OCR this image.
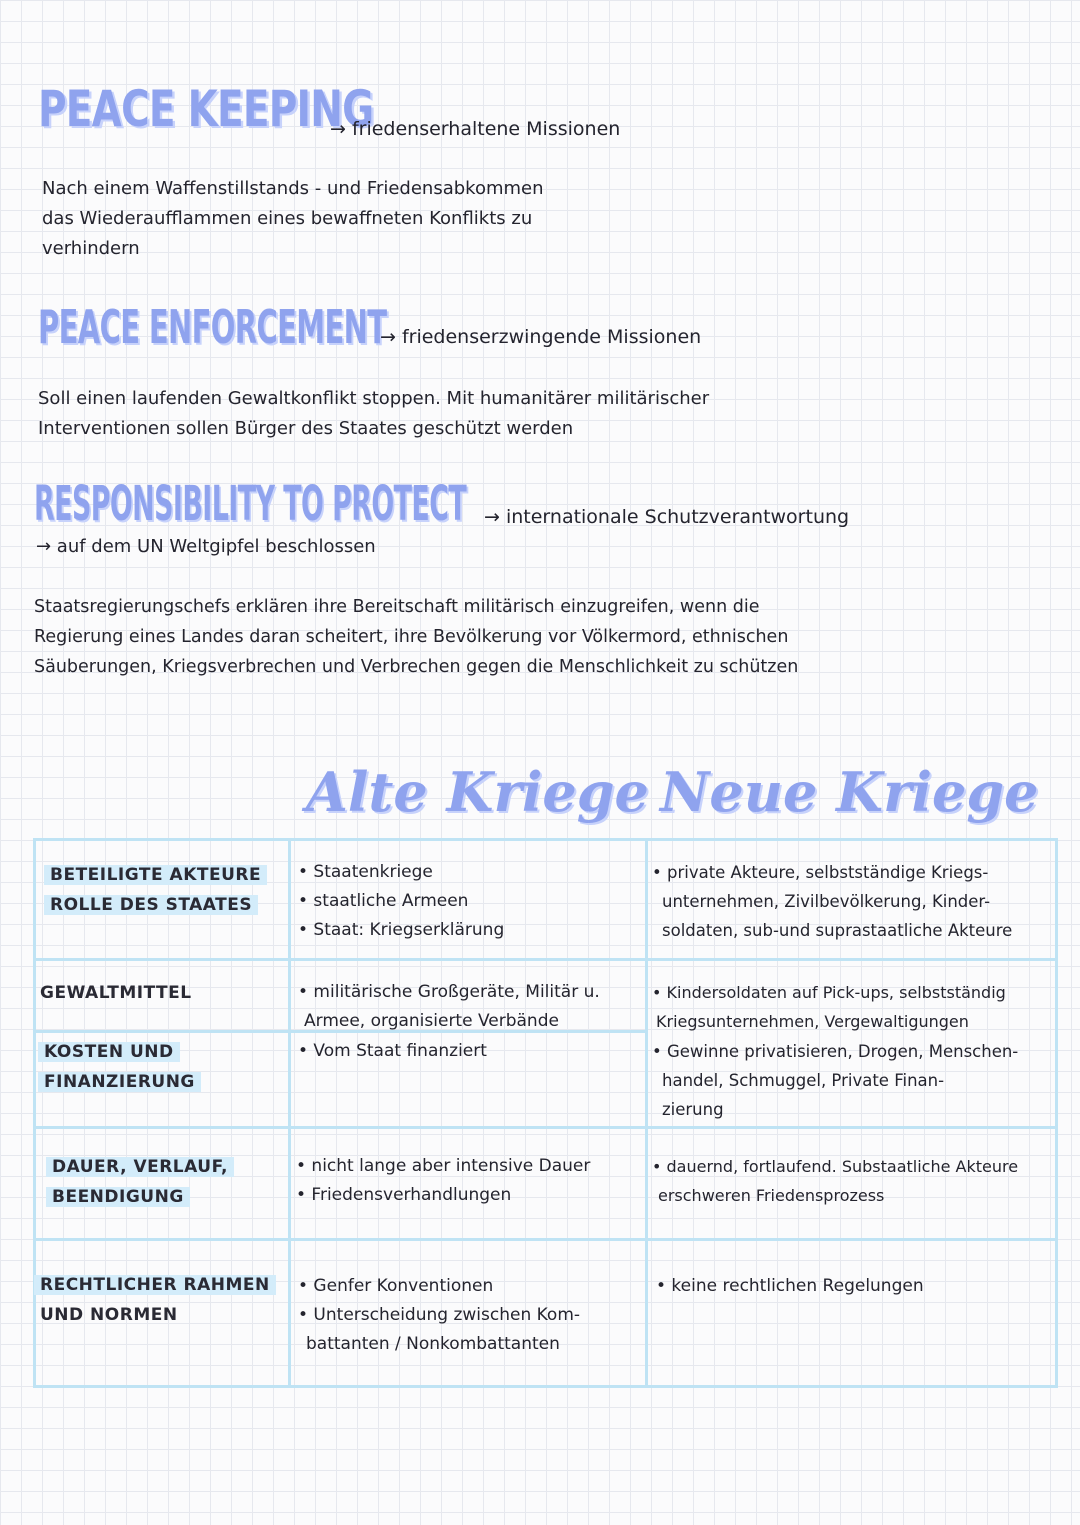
PEACE KEEPING
→ friedenserhaltene Missionen
Nach einem Waffenstillstands - und Friedensabkommen
das Wiederaufflammen eines bewaffneten Konflikts zu
verhindern
PEACE ENFORCEMENT
→ friedenserzwingende Missionen
Soll einen laufenden Gewaltkonflikt stoppen. Mit humanitärer militärischer
Interventionen sollen Bürger des Staates geschützt werden
RESPONSIBILITY TO PROTECT → internationale Schutzverantwortung
→ auf dem UN Weltgipfel beschlossen
Staatsregierungschefs erklären ihre Bereitschaft militärisch einzugreifen, wenn die
Regierung eines Landes daran scheitert, ihre Bevölkerung vor Völkermord, ethnischen
Säuberungen, Kriegsverbrechen und Verbrechen gegen die Menschlichkeit zu schützen
Alte Kriege Neue Kriege
BETEILIGTE AKTEURE
ROLLE DES STAATES
• Staatenkriege
• staatliche Armeen
• Staat: Kriegserklärung
• private Akteure, selbstständige Kriegs-
unternehmen, Zivilbevölkerung, Kinder-
soldaten, sub-und suprastaatliche Akteure
GEWALTMITTEL	• militärische Großgeräte, Militär u.
Armee, organisierte Verbände
• Kindersoldaten auf Pick-ups, selbstständig
Kriegsunternehmen, Vergewaltigungen
KOSTEN UND
FINANZIERUNG
• Vom Staat finanziert	• Gewinne privatisieren, Drogen, Menschen-
handel, Schmuggel, Private Finan-
zierung
DAUER, VERLAUF,
BEENDIGUNG
• nicht lange aber intensive Dauer
• Friedensverhandlungen
• dauernd, fortlaufend. Substaatliche Akteure
erschweren Friedensprozess
RECHTLICHER RAHMEN
UND NORMEN
• Genfer Konventionen
• Unterscheidung zwischen Kom-
battanten / Nonkombattanten
• keine rechtlichen Regelungen
